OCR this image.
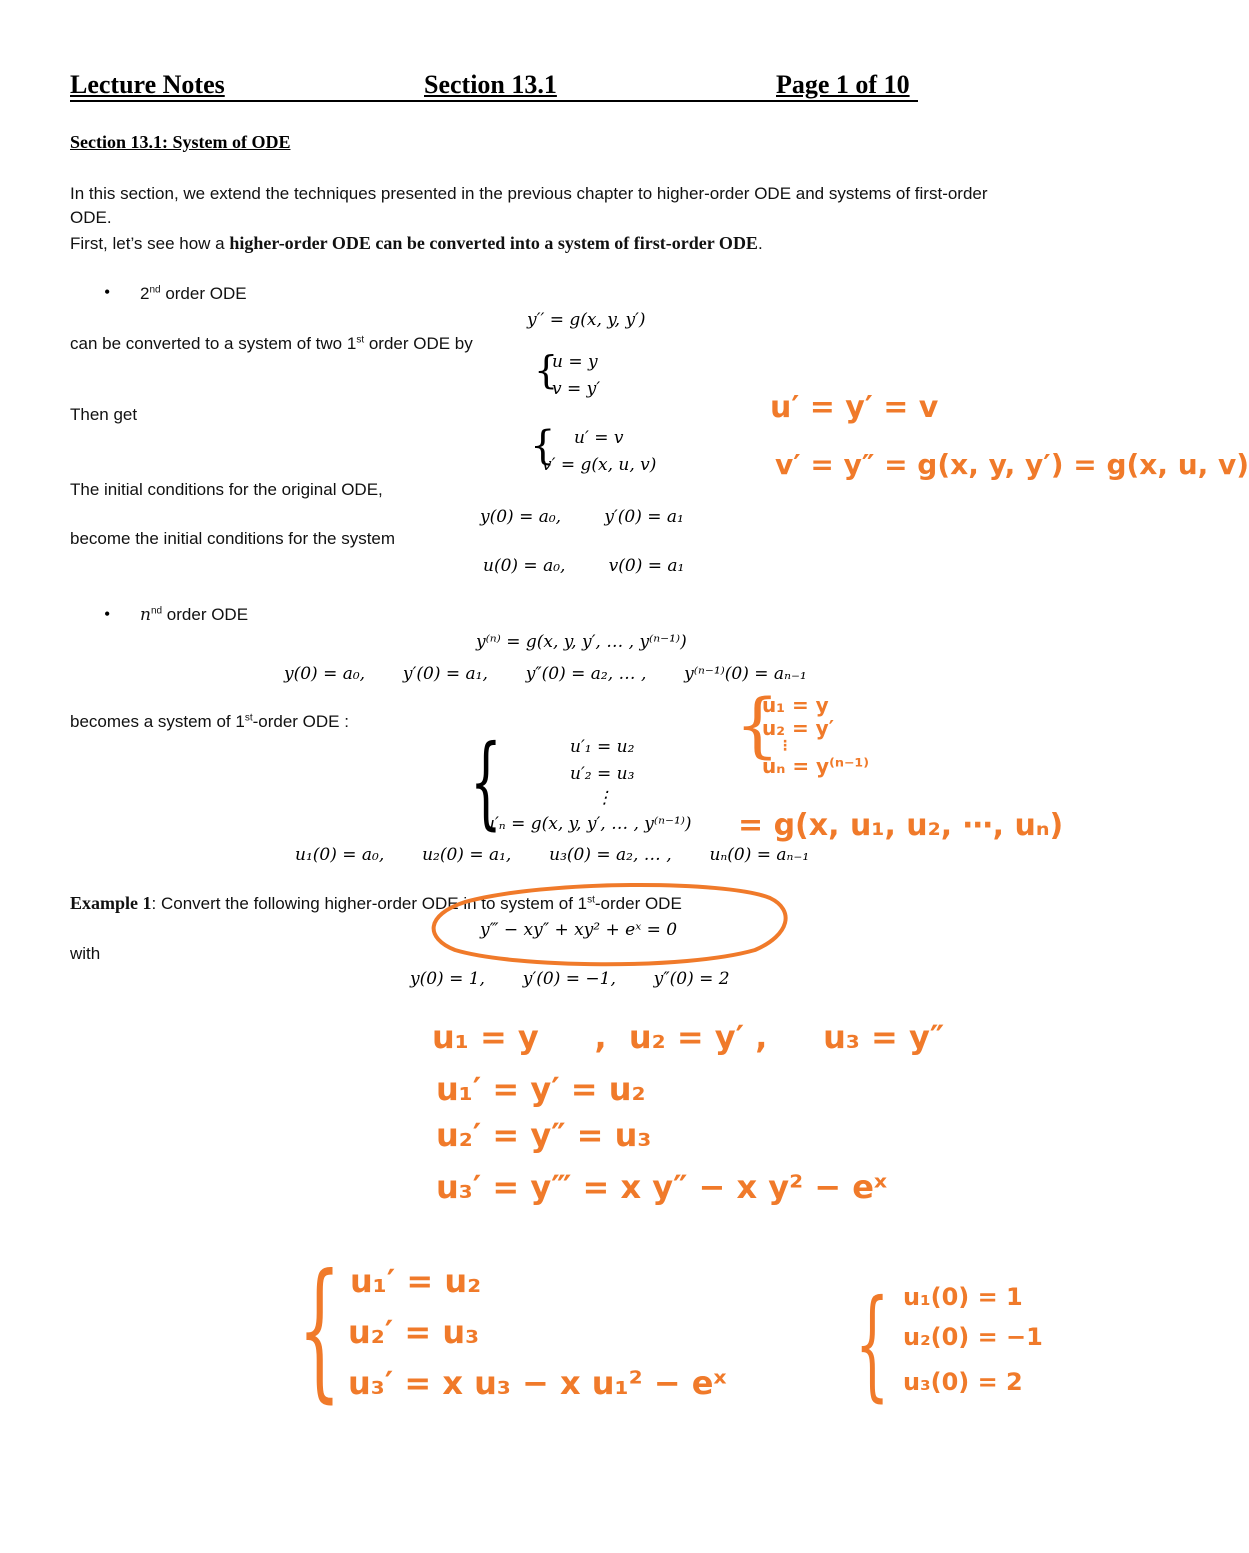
Lecture Notes	Section 13.1	Page 1 of 10
Section 13.1: System of ODE
In this section, we extend the techniques presented in the previous chapter to higher-order ODE and systems of first-order
ODE.
First, let’s see how a higher-order ODE can be converted into a system of first-order ODE.
• 2nd order ODE
y′′ = g(x, y, y′)
can be converted to a system of two 1st order ODE by
{
u = y
v = y′
Then get
{ u′ = v
v′ = g(x, u, v)
The initial conditions for the original ODE,
y(0) = a₀,        y′(0) = a₁
become the initial conditions for the system
u(0) = a₀,        v(0) = a₁
• $n^{nd}$ order ODE
y⁽ⁿ⁾ = g(x, y, y′, … , y⁽ⁿ⁻¹⁾)
y(0) = a₀,       y′(0) = a₁,       y″(0) = a₂, … ,       y⁽ⁿ⁻¹⁾(0) = aₙ₋₁
becomes a system of 1st-order ODE :
{	u′₁ = u₂
u′₂ = u₃
⋮
u′ₙ = g(x, y, y′, … , y⁽ⁿ⁻¹⁾)
u₁(0) = a₀,       u₂(0) = a₁,       u₃(0) = a₂, … ,       uₙ(0) = aₙ₋₁
Example 1: Convert the following higher-order ODE in to system of 1st-order ODE
y‴ − xy″ + xy² + eˣ = 0
with
y(0) = 1,       y′(0) = −1,       y″(0) = 2
u′ = y′ = v
v′ = y″ = g(x, y, y′) = g(x, u, v)
{
u₁ = y
u₂ = y′
⋮
uₙ = y⁽ⁿ⁻¹⁾
= g(x, u₁, u₂, ⋯, uₙ)
u₁ = y     ,  u₂ = y′ ,     u₃ = y″
u₁′ = y′ = u₂
u₂′ = y″ = u₃
u₃′ = y‴ = x y″ − x y² − eˣ
{ u₁′ = u₂
u₂′ = u₃
u₃′ = x u₃ − x u₁² − eˣ { u₁(0) = 1
u₂(0) = −1
u₃(0) = 2
